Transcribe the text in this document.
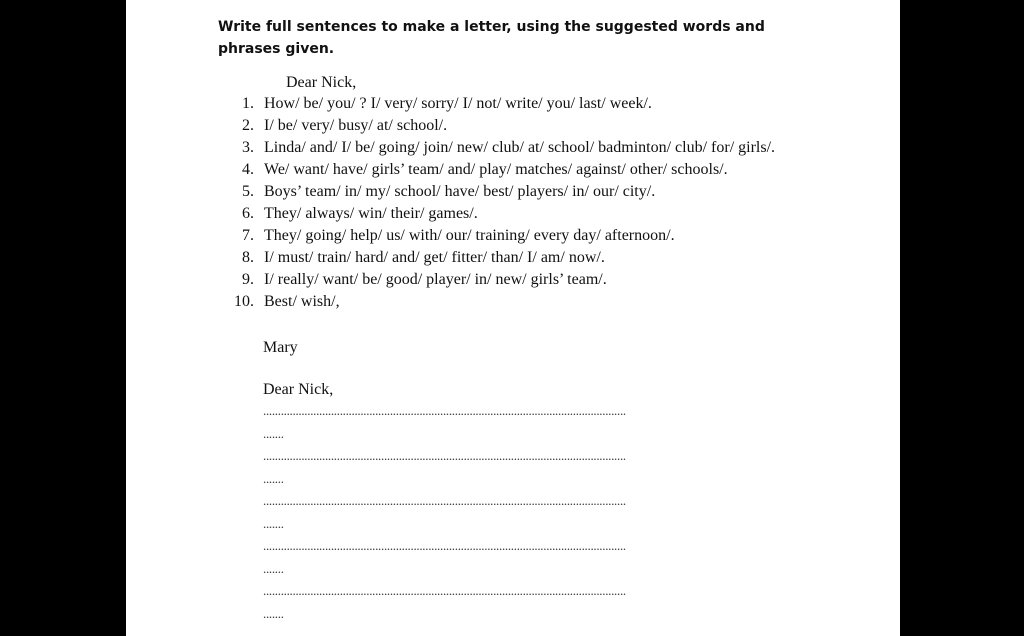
Write full sentences to make a letter, using the suggested words and phrases given.
Dear Nick,
1. How/ be/ you/ ? I/ very/ sorry/ I/ not/ write/ you/ last/ week/.
2. I/ be/ very/ busy/ at/ school/.
3. Linda/ and/ I/ be/ going/ join/ new/ club/ at/ school/ badminton/ club/ for/ girls/.
4. We/ want/ have/ girls’ team/ and/ play/ matches/ against/ other/ schools/.
5. Boys’ team/ in/ my/ school/ have/ best/ players/ in/ our/ city/.
6. They/ always/ win/ their/ games/.
7. They/ going/ help/ us/ with/ our/ training/ every day/ afternoon/.
8. I/ must/ train/ hard/ and/ get/ fitter/ than/ I/ am/ now/.
9. I/ really/ want/ be/ good/ player/ in/ new/ girls’ team/.
10. Best/ wish/,
Mary
Dear Nick,
...........................................................................................................................
.......
...........................................................................................................................
.......
...........................................................................................................................
.......
...........................................................................................................................
.......
...........................................................................................................................
.......
